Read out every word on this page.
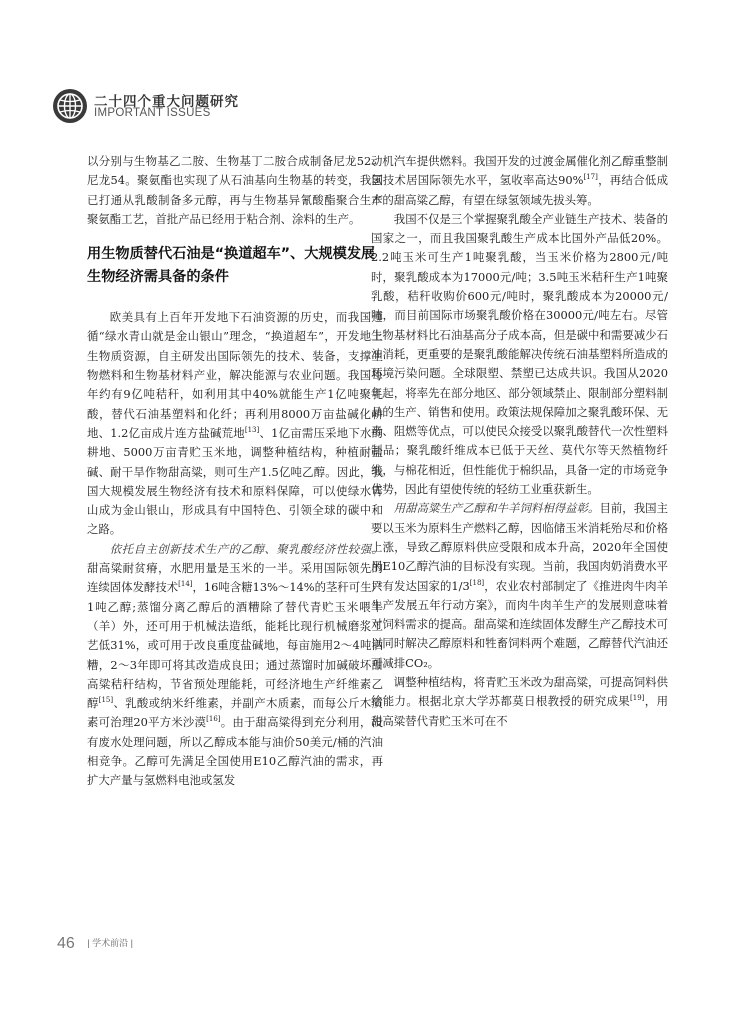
二十四个重大问题研究
IMPORTANT ISSUES

以分别与生物基乙二胺、生物基丁二胺合成制备尼龙52、尼龙54。聚氨酯也实现了从石油基向生物基的转变，我国已打通从乳酸制备多元醇，再与生物基异氰酸酯聚合生产聚氨酯工艺，首批产品已经用于粘合剂、涂料的生产。

用生物质替代石油是“换道超车”、大规模发展生物经济需具备的条件

欧美具有上百年开发地下石油资源的历史，而我国遵循“绿水青山就是金山银山”理念，“换道超车”，开发地上生物质资源，自主研发出国际领先的技术、装备，支撑生物燃料和生物基材料产业，解决能源与农业问题。我国每年约有9亿吨秸秆，如利用其中40%就能生产1亿吨聚乳酸，替代石油基塑料和化纤；再利用8000万亩盐碱化耕地、1.2亿亩成片连方盐碱荒地[13]、1亿亩需压采地下水的耕地、5000万亩青贮玉米地，调整种植结构，种植耐盐碱、耐干旱作物甜高粱，则可生产1.5亿吨乙醇。因此，我国大规模发展生物经济有技术和原料保障，可以使绿水青山成为金山银山，形成具有中国特色、引领全球的碳中和之路。

依托自主创新技术生产的乙醇、聚乳酸经济性较强。甜高粱耐贫瘠，水肥用量是玉米的一半。采用国际领先的连续固体发酵技术[14]，16吨含糖13%～14%的茎秆可生产1吨乙醇;蒸馏分离乙醇后的酒糟除了替代青贮玉米喂牛（羊）外，还可用于机械法造纸，能耗比现行机械磨浆工艺低31%，或可用于改良重度盐碱地，每亩施用2～4吨酒糟，2～3年即可将其改造成良田；通过蒸馏时加碱破坏甜高粱秸秆结构，节省预处理能耗，可经济地生产纤维素乙醇[15]、乳酸或纳米纤维素，并副产木质素，而每公斤木质素可治理20平方米沙漠[16]。由于甜高粱得到充分利用，没有废水处理问题，所以乙醇成本能与油价50美元/桶的汽油相竞争。乙醇可先满足全国使用E10乙醇汽油的需求，再扩大产量与氢燃料电池或氢发

动机汽车提供燃料。我国开发的过渡金属催化剂乙醇重整制氢技术居国际领先水平，氢收率高达90%[17]，再结合低成本的甜高粱乙醇，有望在绿氢领域先拔头筹。

我国不仅是三个掌握聚乳酸全产业链生产技术、装备的国家之一，而且我国聚乳酸生产成本比国外产品低20%。2.2吨玉米可生产1吨聚乳酸，当玉米价格为2800元/吨时，聚乳酸成本为17000元/吨；3.5吨玉米秸秆生产1吨聚乳酸，秸秆收购价600元/吨时，聚乳酸成本为20000元/吨，而目前国际市场聚乳酸价格在30000元/吨左右。尽管生物基材料比石油基高分子成本高，但是碳中和需要减少石油消耗，更重要的是聚乳酸能解决传统石油基塑料所造成的环境污染问题。全球限塑、禁塑已达成共识。我国从2020年起，将率先在部分地区、部分领域禁止、限制部分塑料制品的生产、销售和使用。政策法规保障加之聚乳酸环保、无毒、阻燃等优点，可以使民众接受以聚乳酸替代一次性塑料制品；聚乳酸纤维成本已低于天丝、莫代尔等天然植物纤维，与棉花相近，但性能优于棉织品，具备一定的市场竞争优势，因此有望使传统的轻纺工业重获新生。

用甜高粱生产乙醇和牛羊饲料相得益彰。目前，我国主要以玉米为原料生产燃料乙醇，因临储玉米消耗殆尽和价格上涨，导致乙醇原料供应受限和成本升高，2020年全国使用E10乙醇汽油的目标没有实现。当前，我国肉奶消费水平只有发达国家的1/3[18]，农业农村部制定了《推进肉牛肉羊生产发展五年行动方案》，而肉牛肉羊生产的发展则意味着对饲料需求的提高。甜高粱和连续固体发酵生产乙醇技术可以同时解决乙醇原料和牲畜饲料两个难题，乙醇替代汽油还可减排CO₂。

调整种植结构，将青贮玉米改为甜高粱，可提高饲料供给能力。根据北京大学苏都莫日根教授的研究成果[19]，用甜高粱替代青贮玉米可在不

46 | 学术前沿 |
